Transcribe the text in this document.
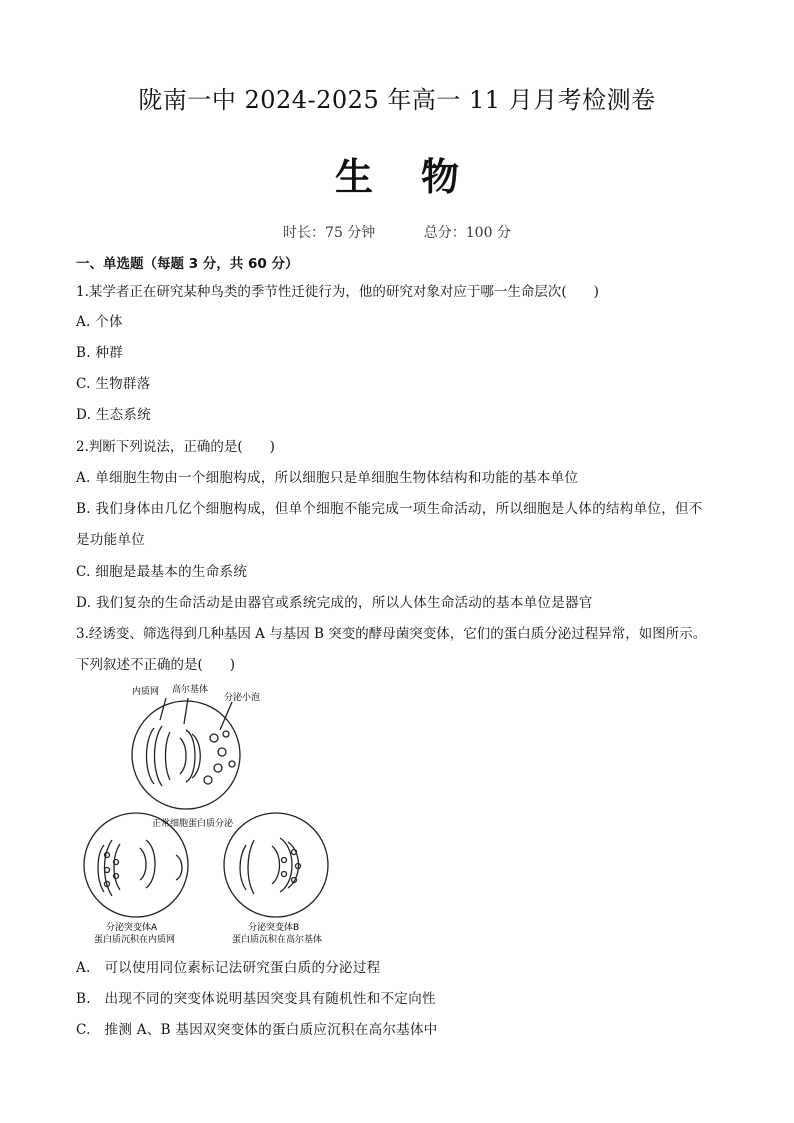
陇南一中 2024-2025 年高一 11 月月考检测卷
生物
时长：75 分钟	总分：100 分
一、单选题（每题 3 分，共 60 分）
1.某学者正在研究某种鸟类的季节性迁徙行为，他的研究对象对应于哪一生命层次(　　)
A. 个体
B. 种群
C. 生物群落
D. 生态系统
2.判断下列说法，正确的是(　　)
A. 单细胞生物由一个细胞构成，所以细胞只是单细胞生物体结构和功能的基本单位
B. 我们身体由几亿个细胞构成，但单个细胞不能完成一项生命活动，所以细胞是人体的结构单位，但不
是功能单位
C. 细胞是最基本的生命系统
D. 我们复杂的生命活动是由器官或系统完成的，所以人体生命活动的基本单位是器官
3.经诱变、筛选得到几种基因 A 与基因 B 突变的酵母菌突变体，它们的蛋白质分泌过程异常，如图所示。
下列叙述不正确的是(　　)
内质网 高尔基体
分泌小泡
正常细胞蛋白质分泌
分泌突变体A
蛋白质沉积在内质网
分泌突变体B
蛋白质沉积在高尔基体
A.　可以使用同位素标记法研究蛋白质的分泌过程
B.　出现不同的突变体说明基因突变具有随机性和不定向性
C.　推测 A、B 基因双突变体的蛋白质应沉积在高尔基体中
